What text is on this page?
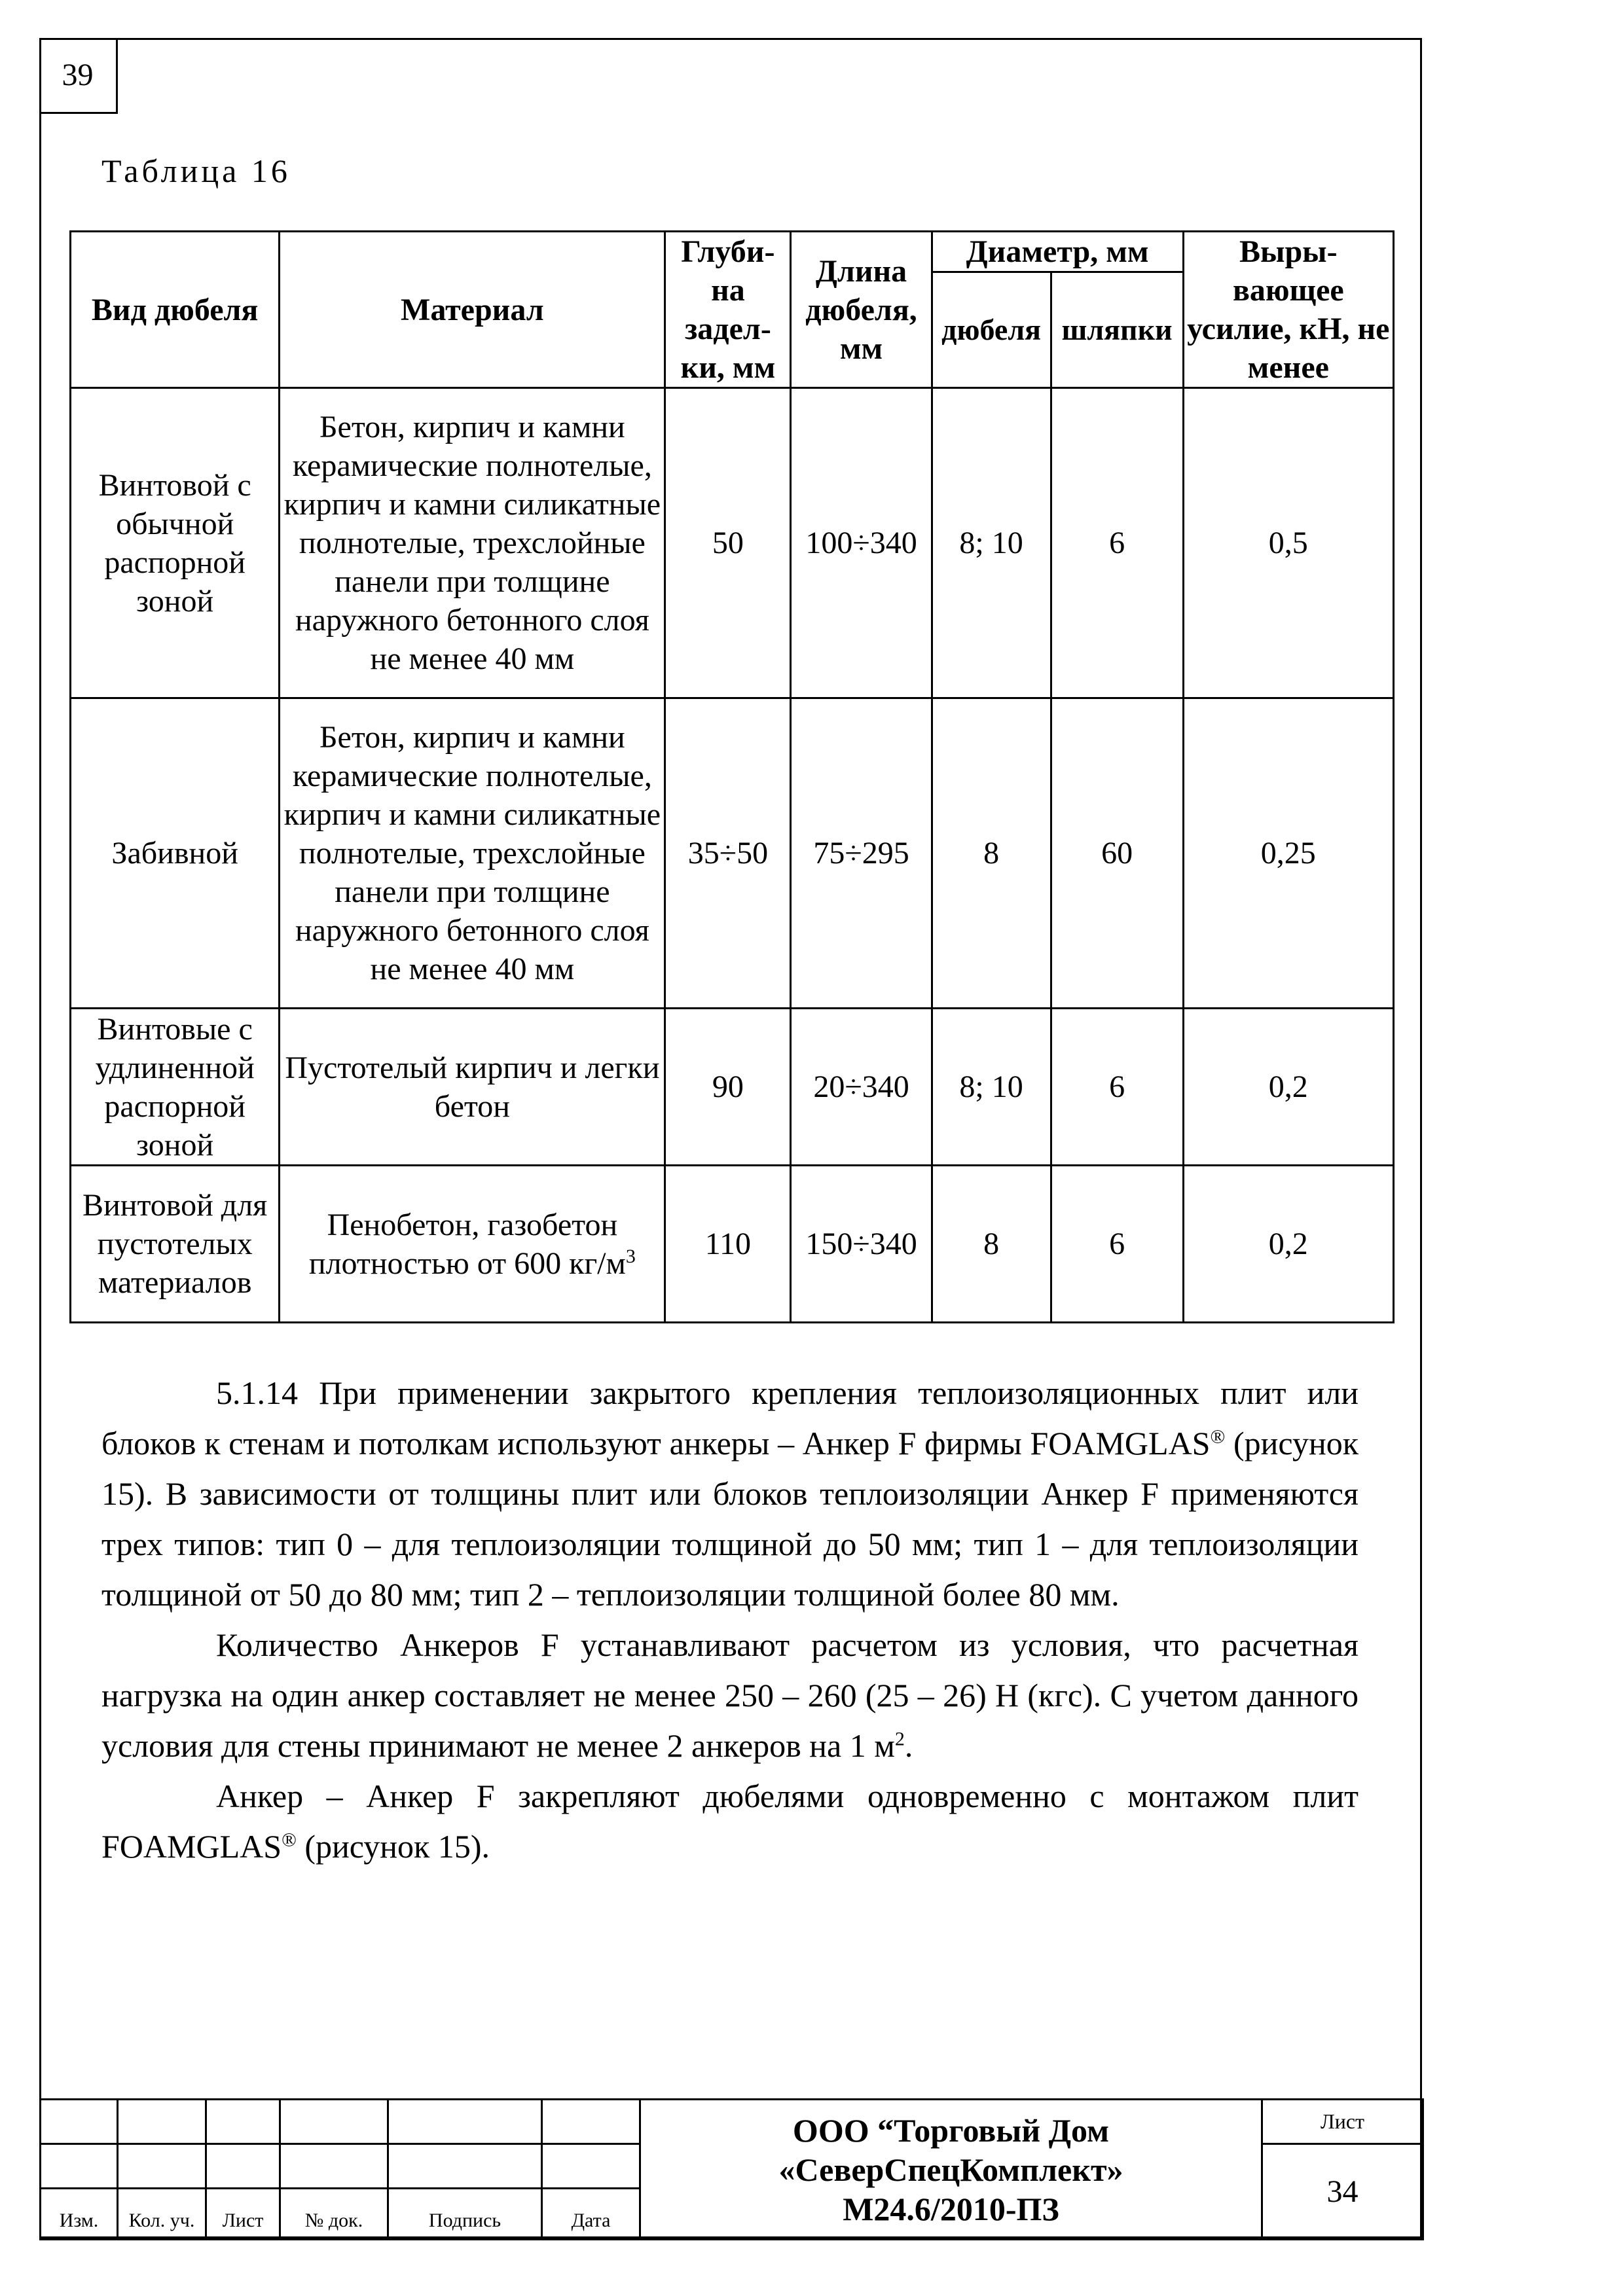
39
Таблица 16
Вид дюбеля	Материал	Глуби-на задел-ки, мм	Длина дюбеля, мм	Диаметр, мм		Выры-вающее усилие, кН, не менее
				дюбеля	шляпки	
Винтовой с обычной распорной зоной	Бетон, кирпич и камни керамические полнотелые, кирпич и камни силикатные полнотелые, трехслойные панели при толщине наружного бетонного слоя не менее 40 мм	50	100÷340	8; 10	6	0,5
Забивной	Бетон, кирпич и камни керамические полнотелые, кирпич и камни силикатные полнотелые, трехслойные панели при толщине наружного бетонного слоя не менее 40 мм	35÷50	75÷295	8	60	0,25
Винтовые с удлиненной распорной зоной	Пустотелый кирпич и легки бетон	90	20÷340	8; 10	6	0,2
Винтовой для пустотелых материалов	Пенобетон, газобетон плотностью от 600 $кг/м^3$	110	150÷340	8	6	0,2

5.1.14 При применении закрытого крепления теплоизоляционных плит или блоков к стенам и потолкам используют анкеры – Анкер F фирмы FOAMGLAS® (рисунок 15). В зависимости от толщины плит или блоков теплоизоляции Анкер F применяются трех типов: тип 0 – для теплоизоляции толщиной до 50 мм; тип 1 – для теплоизоляции толщиной от 50 до 80 мм; тип 2 – теплоизоляции толщиной более 80 мм.

Количество Анкеров F устанавливают расчетом из условия, что расчетная нагрузка на один анкер составляет не менее 250 – 260 (25 – 26) Н (кгс). С учетом данного условия для стены принимают не менее 2 анкеров на 1 $м^2$.

Анкер – Анкер F закрепляют дюбелями одновременно с монтажом плит FOAMGLAS® (рисунок 15).

						ООО “Торговый Дом
«СеверСпецКомплект»
М24.6/2010-ПЗ	Лист
							34
Изм.	Кол. уч.	Лист	№ док.	Подпись	Дата		
